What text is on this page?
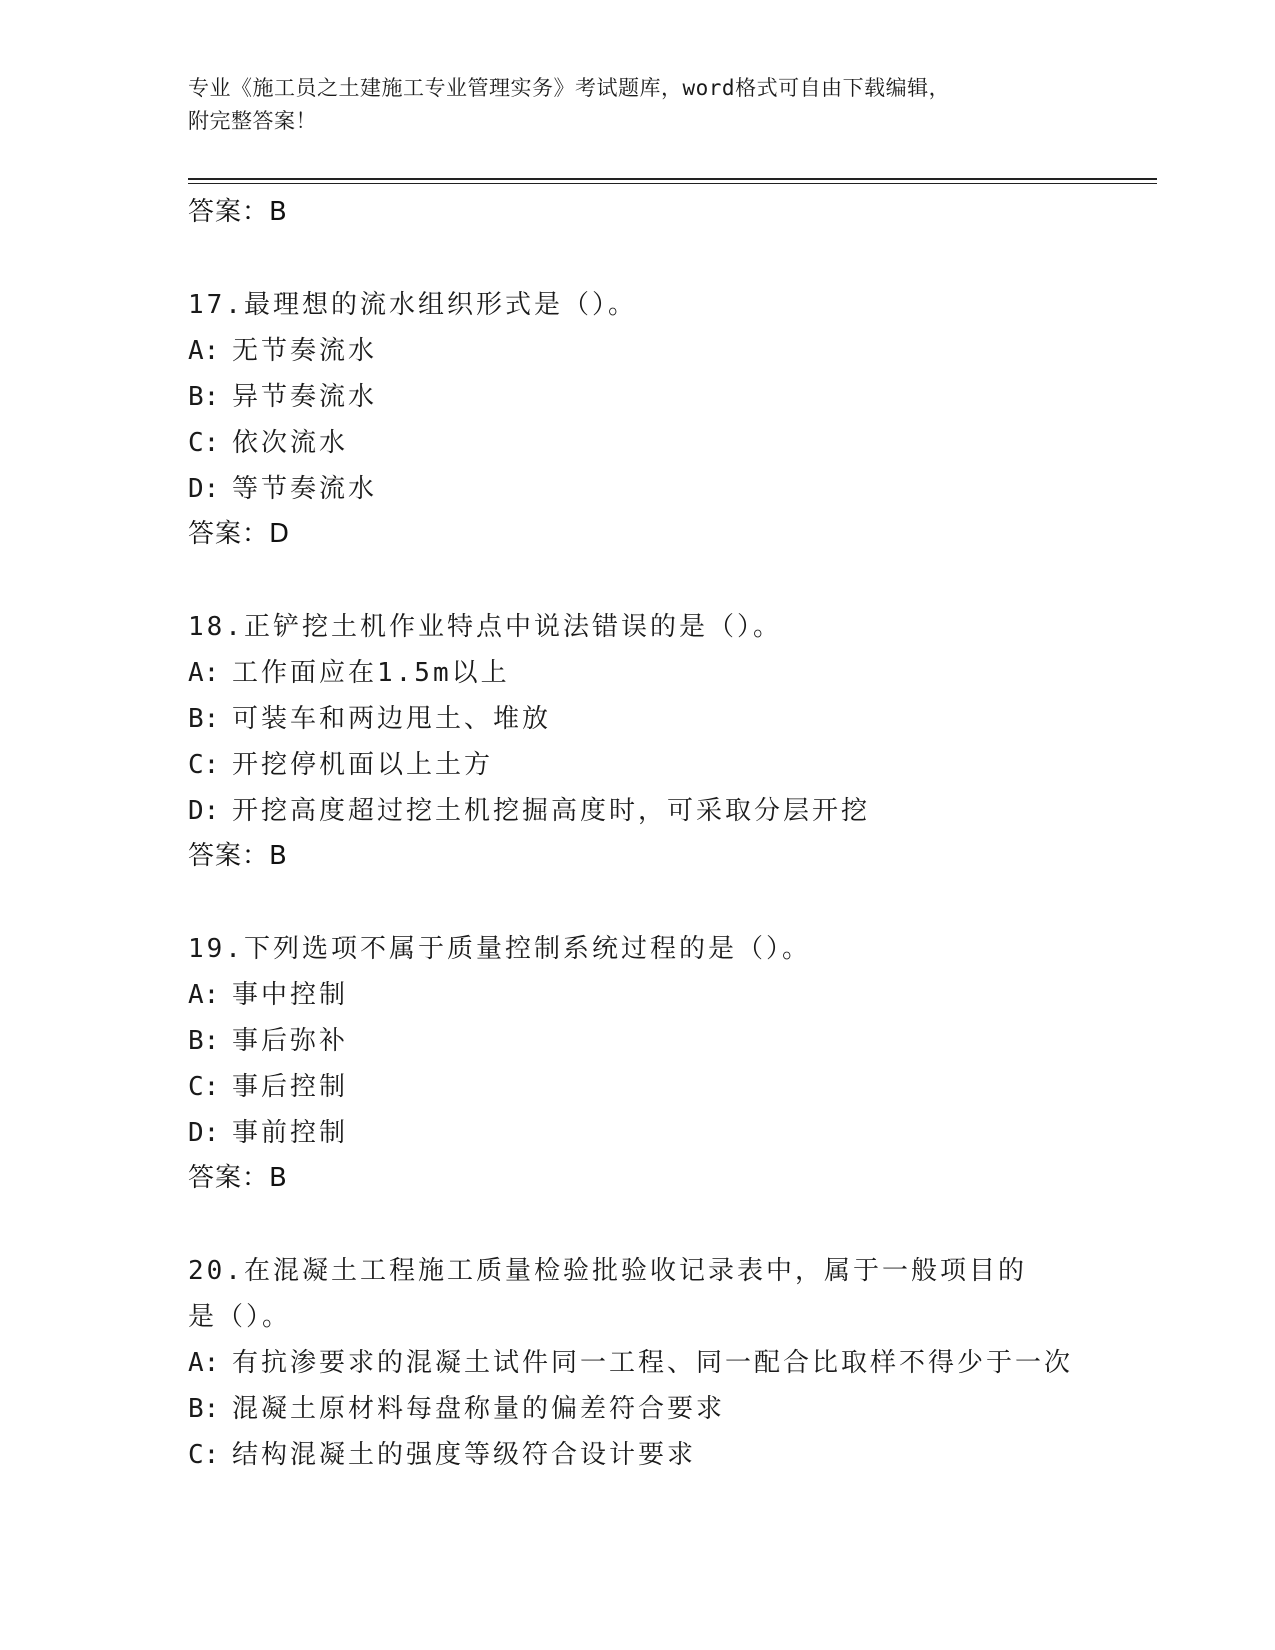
专业《施工员之土建施工专业管理实务》考试题库，word格式可自由下载编辑，
附完整答案！
答案：B
17.最理想的流水组织形式是（）。
A: 无节奏流水
B: 异节奏流水
C: 依次流水
D: 等节奏流水
答案：D
18.正铲挖土机作业特点中说法错误的是（）。
A: 工作面应在1.5m以上
B: 可装车和两边甩土、堆放
C: 开挖停机面以上土方
D: 开挖高度超过挖土机挖掘高度时，可采取分层开挖
答案：B
19.下列选项不属于质量控制系统过程的是（）。
A: 事中控制
B: 事后弥补
C: 事后控制
D: 事前控制
答案：B
20.在混凝土工程施工质量检验批验收记录表中，属于一般项目的是（）。
A: 有抗渗要求的混凝土试件同一工程、同一配合比取样不得少于一次
B: 混凝土原材料每盘称量的偏差符合要求
C: 结构混凝土的强度等级符合设计要求
